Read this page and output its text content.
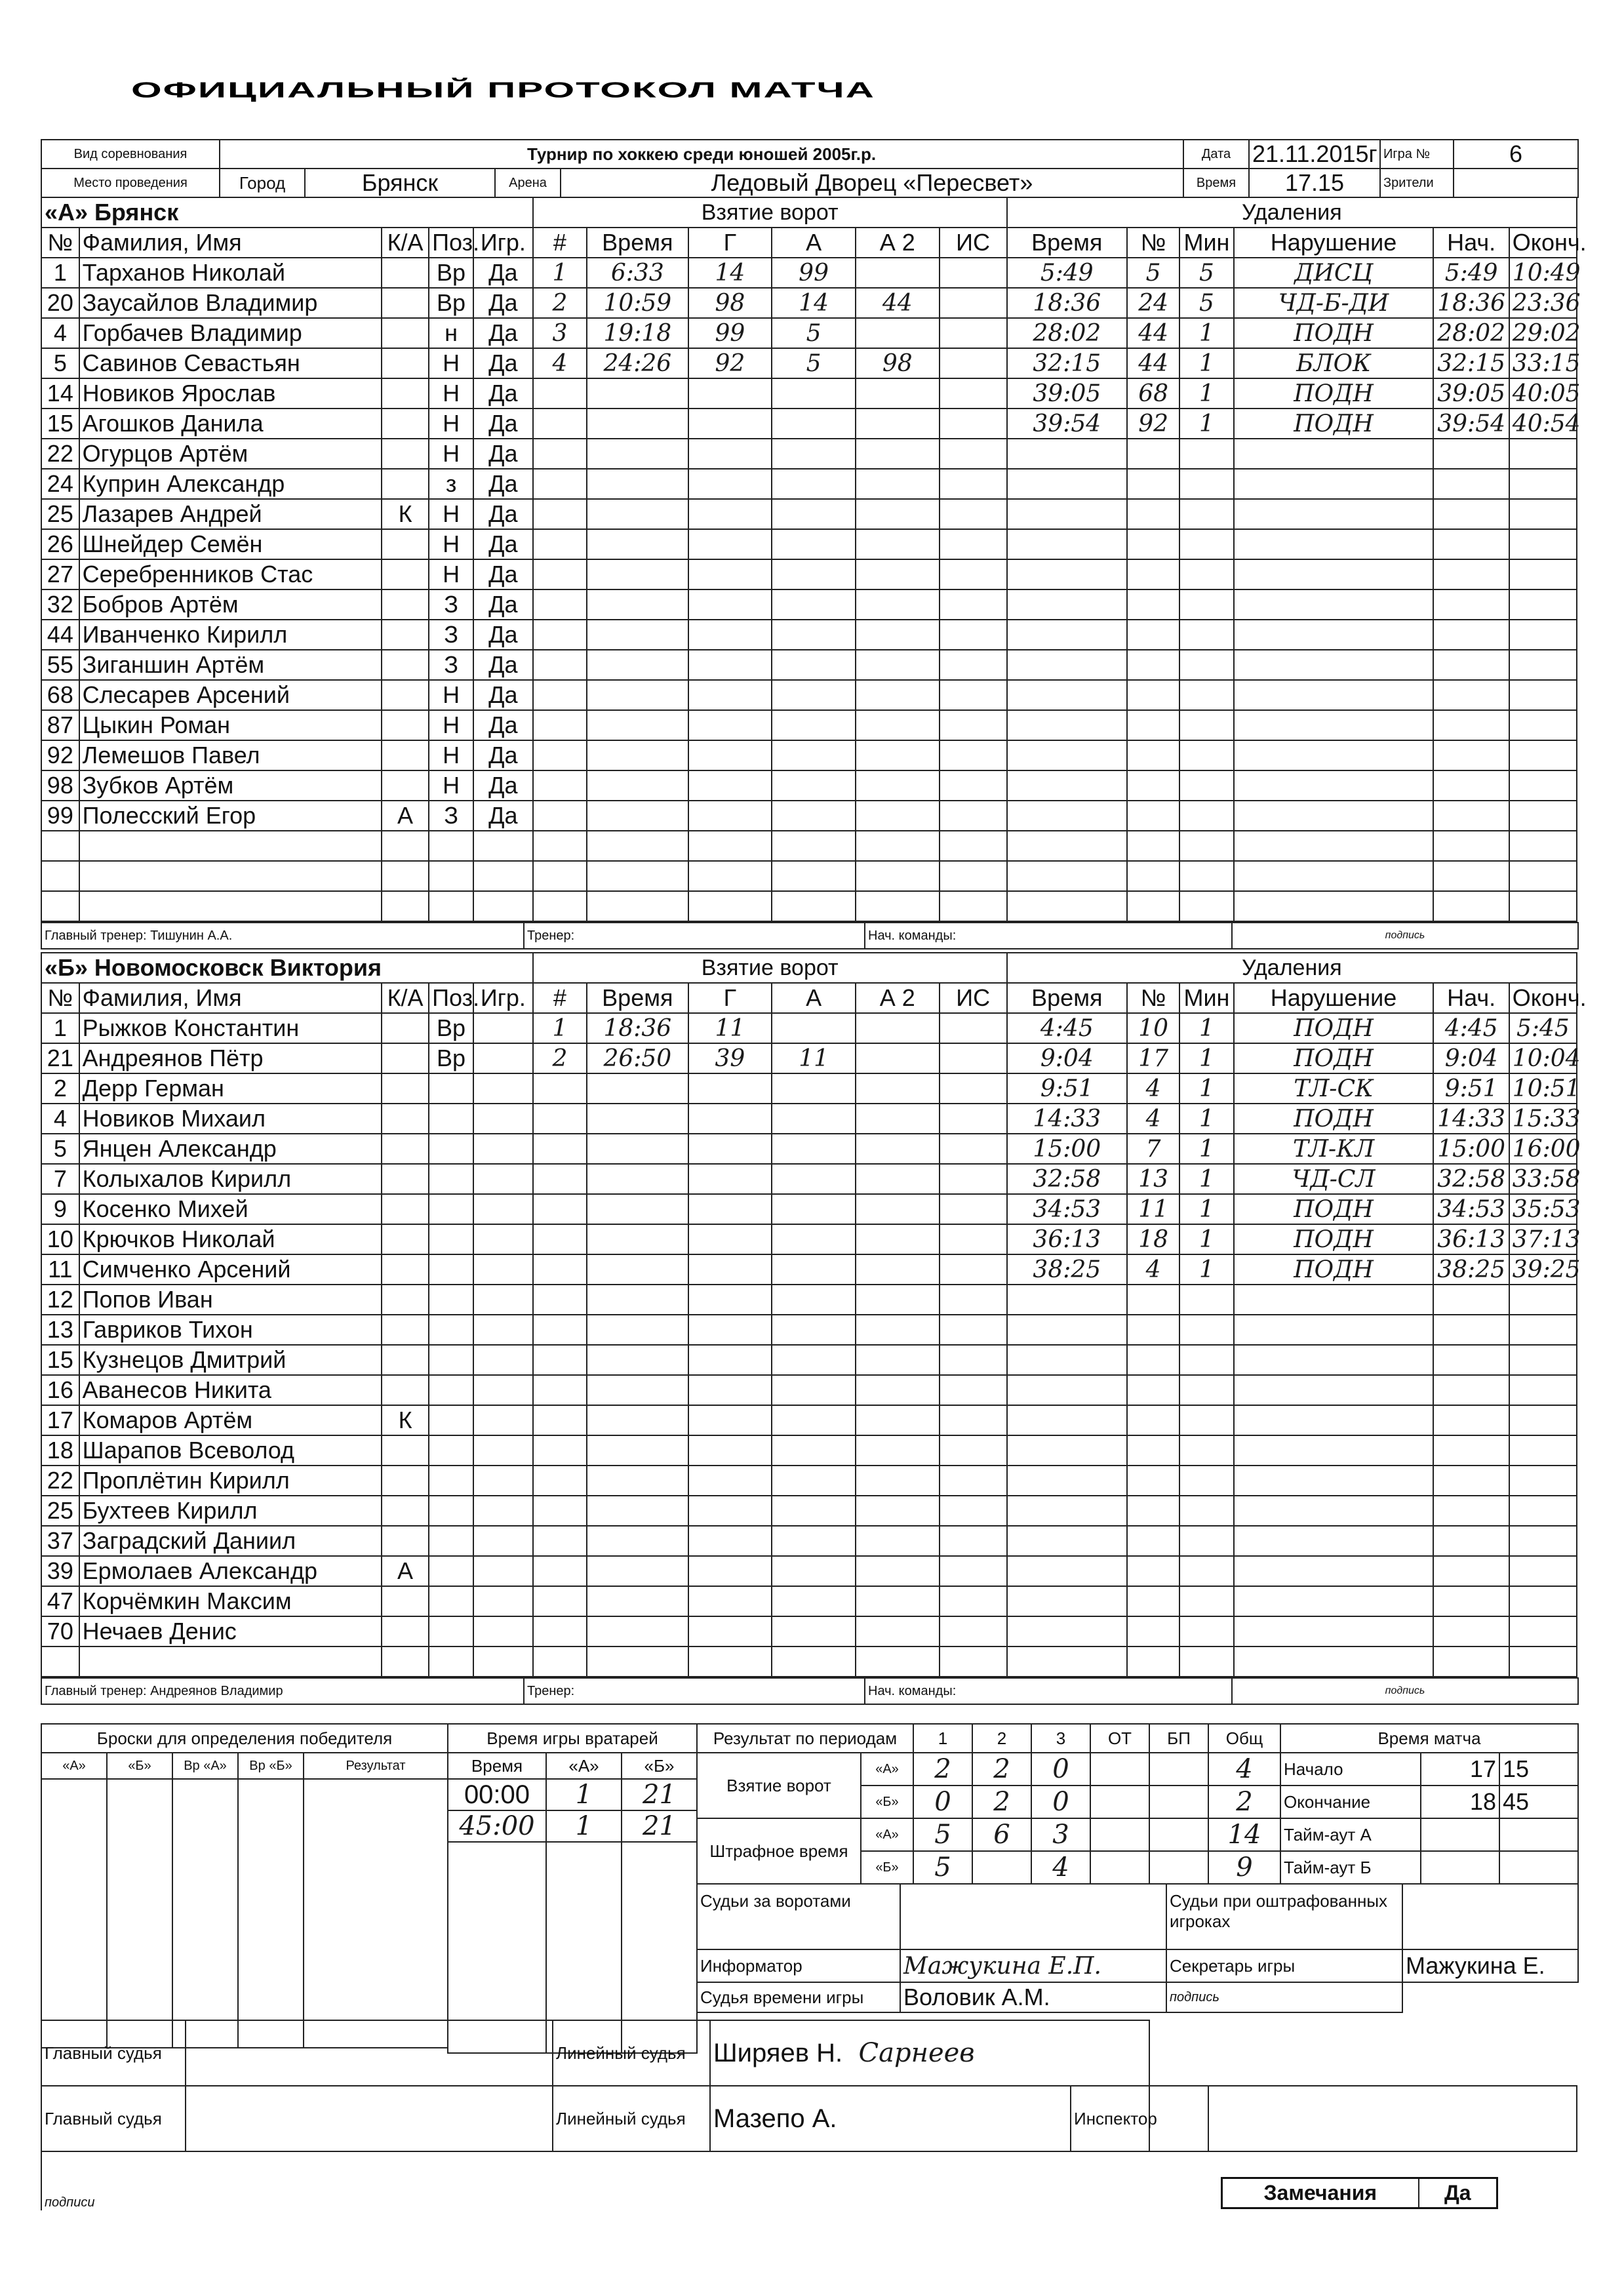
ОФИЦИАЛЬНЫЙ ПРОТОКОЛ МАТЧА
Вид соревнования	Турнир по хоккею среди юношей 2005г.р.				Дата	21.11.2015г	Игра №	6
Место проведения	Город	Брянск	Арена	Ледовый Дворец «Пересвет»	Время	17.15	Зрители	
«А» Брянск					Взятие ворот						Удаления					
№	Фамилия, Имя	К/А	Поз.	Игр.	#	Время	Г	А	А 2	ИС	Время	№	Мин	Нарушение	Нач.	Оконч.
1	Тарханов Николай		Вр	Да	1	6:33	14	99			5:49	5	5	ДИСЦ	5:49	10:49
20	Заусайлов Владимир		Вр	Да	2	10:59	98	14	44		18:36	24	5	ЧД-Б-ДИ	18:36	23:36
4	Горбачев Владимир		н	Да	3	19:18	99	5			28:02	44	1	ПОДН	28:02	29:02
5	Савинов Севастьян		Н	Да	4	24:26	92	5	98		32:15	44	1	БЛОК	32:15	33:15
14	Новиков Ярослав		Н	Да							39:05	68	1	ПОДН	39:05	40:05
15	Агошков Данила		Н	Да							39:54	92	1	ПОДН	39:54	40:54
22	Огурцов Артём		Н	Да												
24	Куприн Александр		з	Да												
25	Лазарев Андрей	К	Н	Да												
26	Шнейдер Семён		Н	Да												
27	Серебренников Стас		Н	Да												
32	Бобров Артём		З	Да												
44	Иванченко Кирилл		З	Да												
55	Зиганшин Артём		З	Да												
68	Слесарев Арсений		Н	Да												
87	Цыкин Роман		Н	Да												
92	Лемешов Павел		Н	Да												
98	Зубков Артём		Н	Да												
99	Полесский Егор	А	З	Да												

Главный тренер: Тишунин А.А.	Тренер:	Нач. команды:	подпись
«Б» Новомосковск Виктория					Взятие ворот						Удаления					
№	Фамилия, Имя	К/А	Поз.	Игр.	#	Время	Г	А	А 2	ИС	Время	№	Мин	Нарушение	Нач.	Оконч.
1	Рыжков Константин		Вр		1	18:36	11				4:45	10	1	ПОДН	4:45	5:45
21	Андреянов Пётр		Вр		2	26:50	39	11			9:04	17	1	ПОДН	9:04	10:04
2	Дерр Герман										9:51	4	1	ТЛ-СК	9:51	10:51
4	Новиков Михаил										14:33	4	1	ПОДН	14:33	15:33
5	Янцен Александр										15:00	7	1	ТЛ-КЛ	15:00	16:00
7	Колыхалов Кирилл										32:58	13	1	ЧД-СЛ	32:58	33:58
9	Косенко Михей										34:53	11	1	ПОДН	34:53	35:53
10	Крючков Николай										36:13	18	1	ПОДН	36:13	37:13
11	Симченко Арсений										38:25	4	1	ПОДН	38:25	39:25
12	Попов Иван															
13	Гавриков Тихон															
15	Кузнецов Дмитрий															
16	Аванесов Никита															
17	Комаров Артём	К														
18	Шарапов Всеволод															
22	Проплётин Кирилл															
25	Бухтеев Кирилл															
37	Заградский Даниил															
39	Ермолаев Александр	А														
47	Корчёмкин Максим															
70	Нечаев Денис															

Главный тренер: Андреянов Владимир	Тренер:	Нач. команды:	подпись
Броски для определения победителя				
«А»	«Б»	Вр «А»	Вр «Б»	Результат

Время игры вратарей		
Время	«А»	«Б»
00:00	1	21
45:00	1	21

Результат по периодам		1	2	3	ОТ	БП	Общ
Взятие ворот	«А»	2	2	0			4
	«Б»	0	2	0			2
Штрафное время	«А»	5	6	3			14
	«Б»	5		4			9
Время матча		
Начало	17	15
Окончание	18	45
Тайм-аут А		
Тайм-аут Б		
Судьи за воротами		Судьи при оштрафованных игроках	
Информатор	Мажукина Е.П.	Секретарь игры	Мажукина Е.
Судья времени игры	Воловик А.М.	подпись	
Главный судья		Линейный судья	Ширяев Н. Сарнеев
Главный судья		Линейный судья	Мазепо А.
подписи			
Инспектор	
Замечания	Да
